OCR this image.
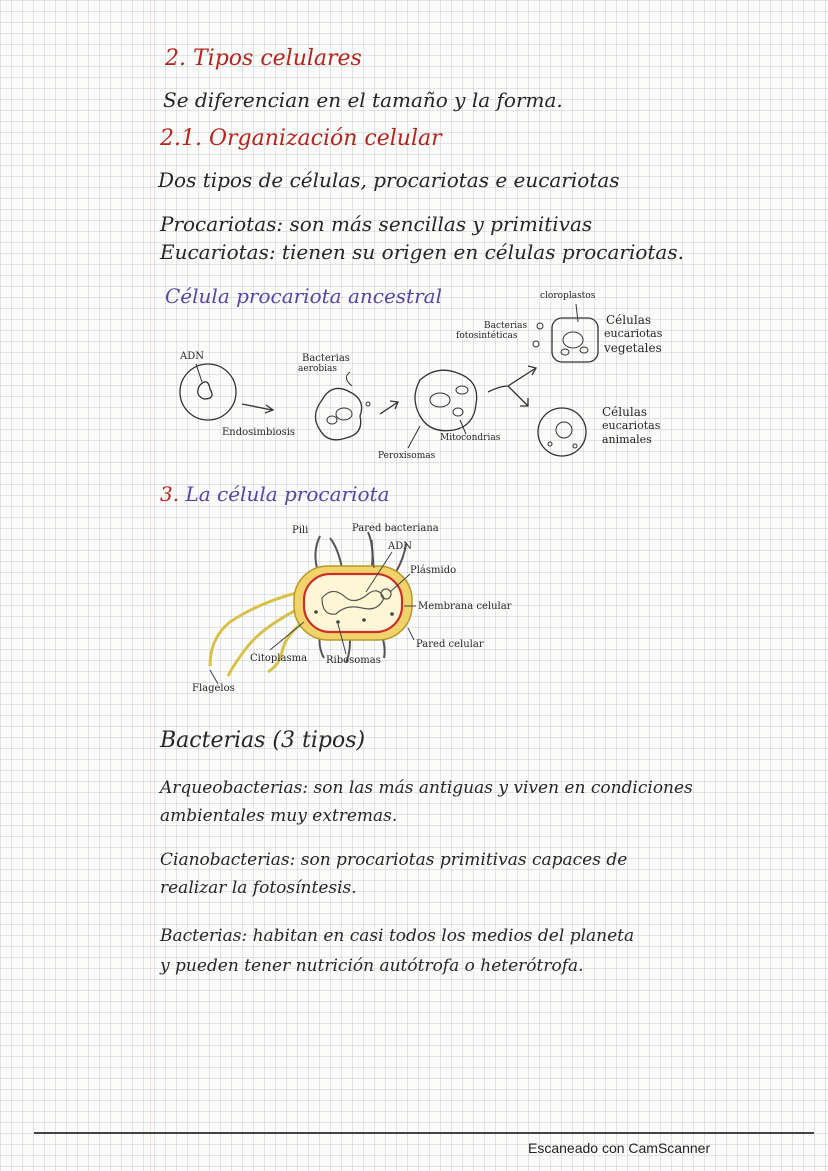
2. Tipos celulares
Se diferencian en el tamaño y la forma.
2.1. Organización celular
Dos tipos de células, procariotas e eucariotas
Procariotas: son más sencillas y primitivas
Eucariotas: tienen su origen en células procariotas.
Célula procariota ancestral
ADN
Endosimbiosis
Bacterias
aerobias
Peroxisomas
Mitocondrias
Bacterias
fotosintéticas
cloroplastos
Células
eucariotas
vegetales
Células
eucariotas
animales
3. La célula procariota
Pili	Pared bacteriana
ADN
Plásmido
Membrana celular
Pared celular
Citoplasma Ribosomas
Flagelos
Bacterias (3 tipos)
Arqueobacterias: son las más antiguas y viven en condiciones
ambientales muy extremas.
Cianobacterias: son procariotas primitivas capaces de
realizar la fotosíntesis.
Bacterias: habitan en casi todos los medios del planeta
y pueden tener nutrición autótrofa o heterótrofa.
Escaneado con CamScanner
